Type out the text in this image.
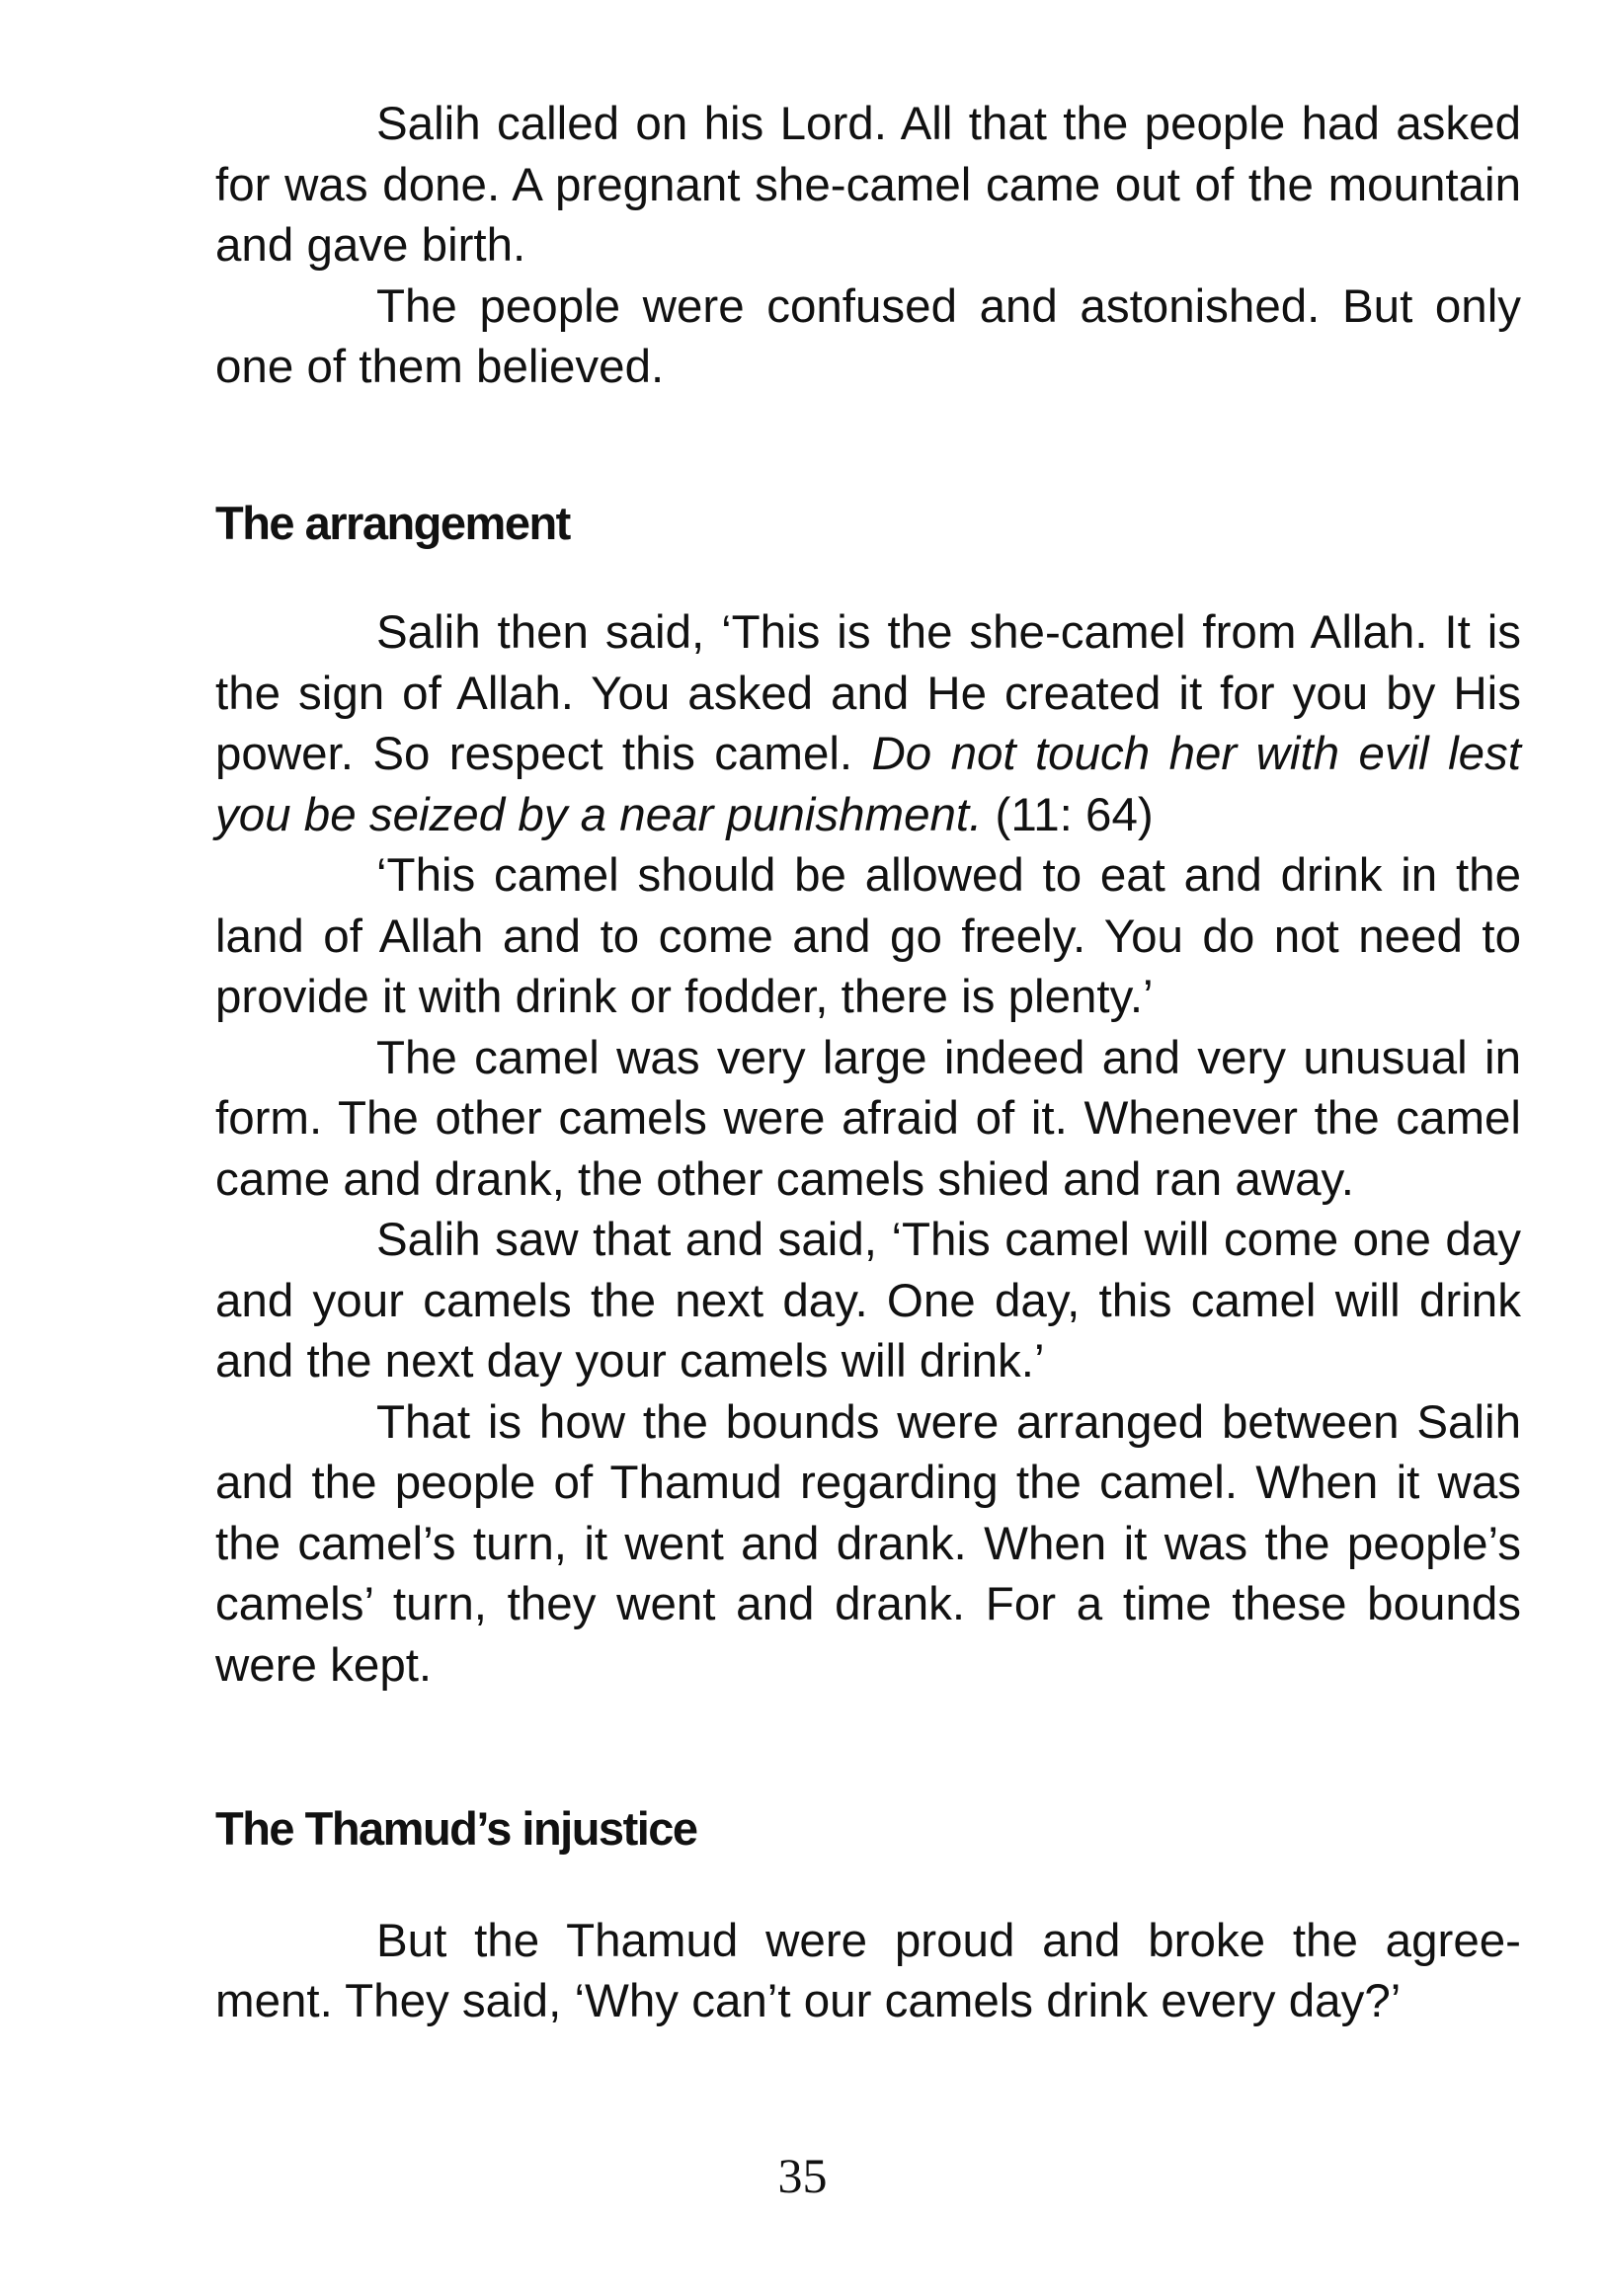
Salih called on his Lord. All that the people had asked for was done. A pregnant she-camel came out of the mountain and gave birth.

The people were confused and astonished. But only one of them believed.

The arrangement

Salih then said, ‘This is the she-camel from Allah. It is the sign of Allah. You asked and He created it for you by His power. So respect this camel. Do not touch her with evil lest you be seized by a near punishment. (11: 64)

‘This camel should be allowed to eat and drink in the land of Allah and to come and go freely. You do not need to provide it with drink or fodder, there is plenty.’

The camel was very large indeed and very unusual in form. The other camels were afraid of it. Whenever the camel came and drank, the other camels shied and ran away.

Salih saw that and said, ‘This camel will come one day and your camels the next day. One day, this camel will drink and the next day your camels will drink.’

That is how the bounds were arranged between Salih and the people of Thamud regarding the camel. When it was the camel’s turn, it went and drank. When it was the people’s camels’ turn, they went and drank. For a time these bounds were kept.

The Thamud’s injustice

But the Thamud were proud and broke the agree- ment. They said, ‘Why can’t our camels drink every day?’

35
